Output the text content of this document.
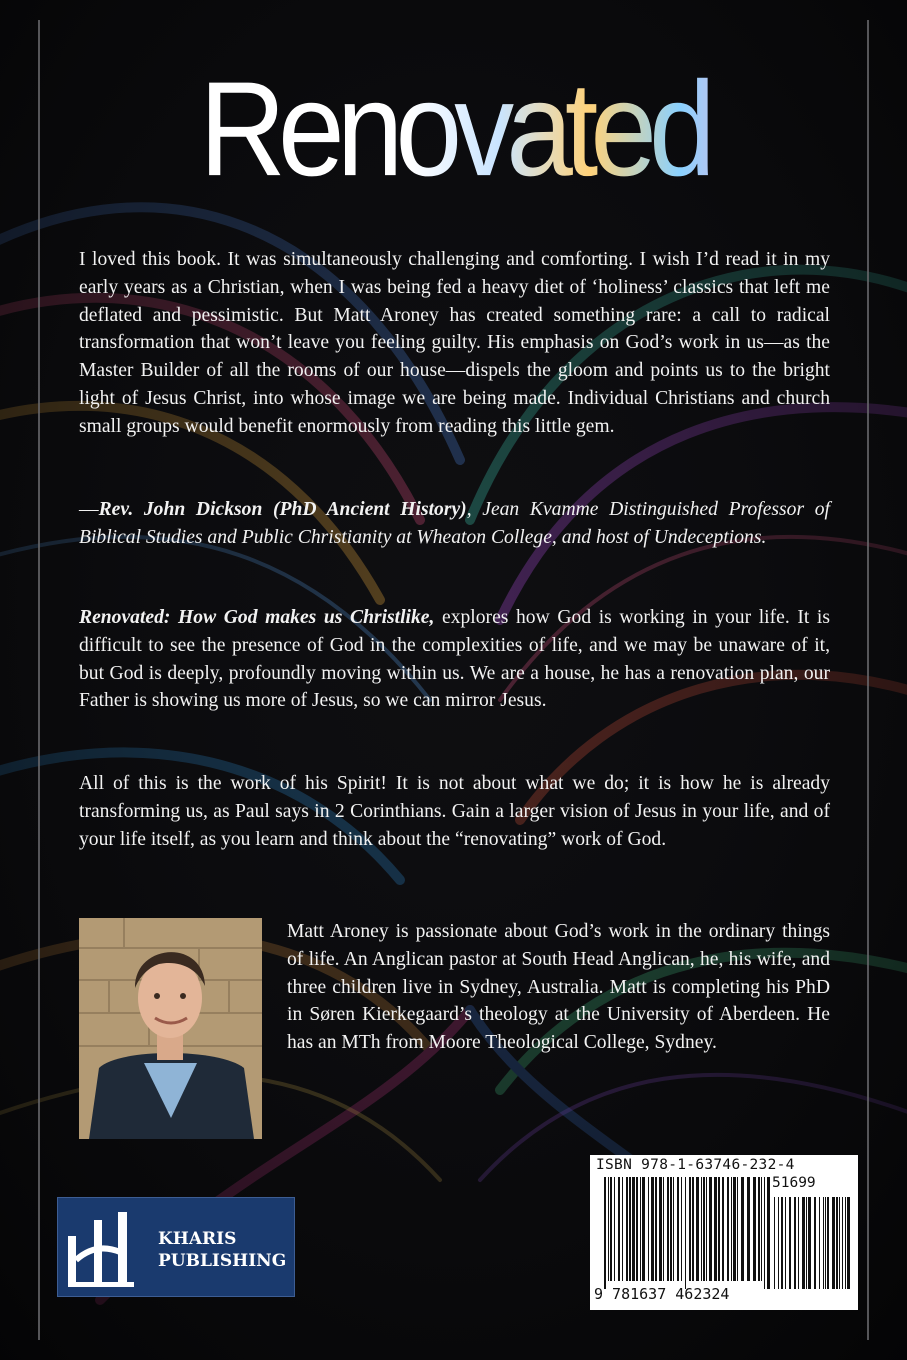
Renovated
I loved this book. It was simultaneously challenging and comforting. I wish I’d read it in my early years as a Christian, when I was being fed a heavy diet of ‘holiness’ classics that left me deflated and pessimistic. But Matt Aroney has created something rare: a call to radical transformation that won’t leave you feeling guilty. His emphasis on God’s work in us—as the Master Builder of all the rooms of our house—dispels the gloom and points us to the bright light of Jesus Christ, into whose image we are being made. Individual Christians and church small groups would benefit enormously from reading this little gem.
—Rev. John Dickson (PhD Ancient History), Jean Kvamme Distinguished Professor of Biblical Studies and Public Christianity at Wheaton College, and host of Undeceptions.
Renovated: How God makes us Christlike, explores how God is working in your life. It is difficult to see the presence of God in the complexities of life, and we may be unaware of it, but God is deeply, profoundly moving within us. We are a house, he has a renovation plan, our Father is showing us more of Jesus, so we can mirror Jesus.
All of this is the work of his Spirit! It is not about what we do; it is how he is already transforming us, as Paul says in 2 Corinthians. Gain a larger vision of Jesus in your life, and of your life itself, as you learn and think about the “renovating” work of God.
Matt Aroney is passionate about God’s work in the ordinary things of life. An Anglican pastor at South Head Anglican, he, his wife, and three children live in Sydney, Australia. Matt is completing his PhD in Søren Kierkegaard’s theology at the University of Aberdeen. He has an MTh from Moore Theological College, Sydney.
KHARIS
PUBLISHING
ISBN 978-1-63746-232-4
51699
9 781637 462324
